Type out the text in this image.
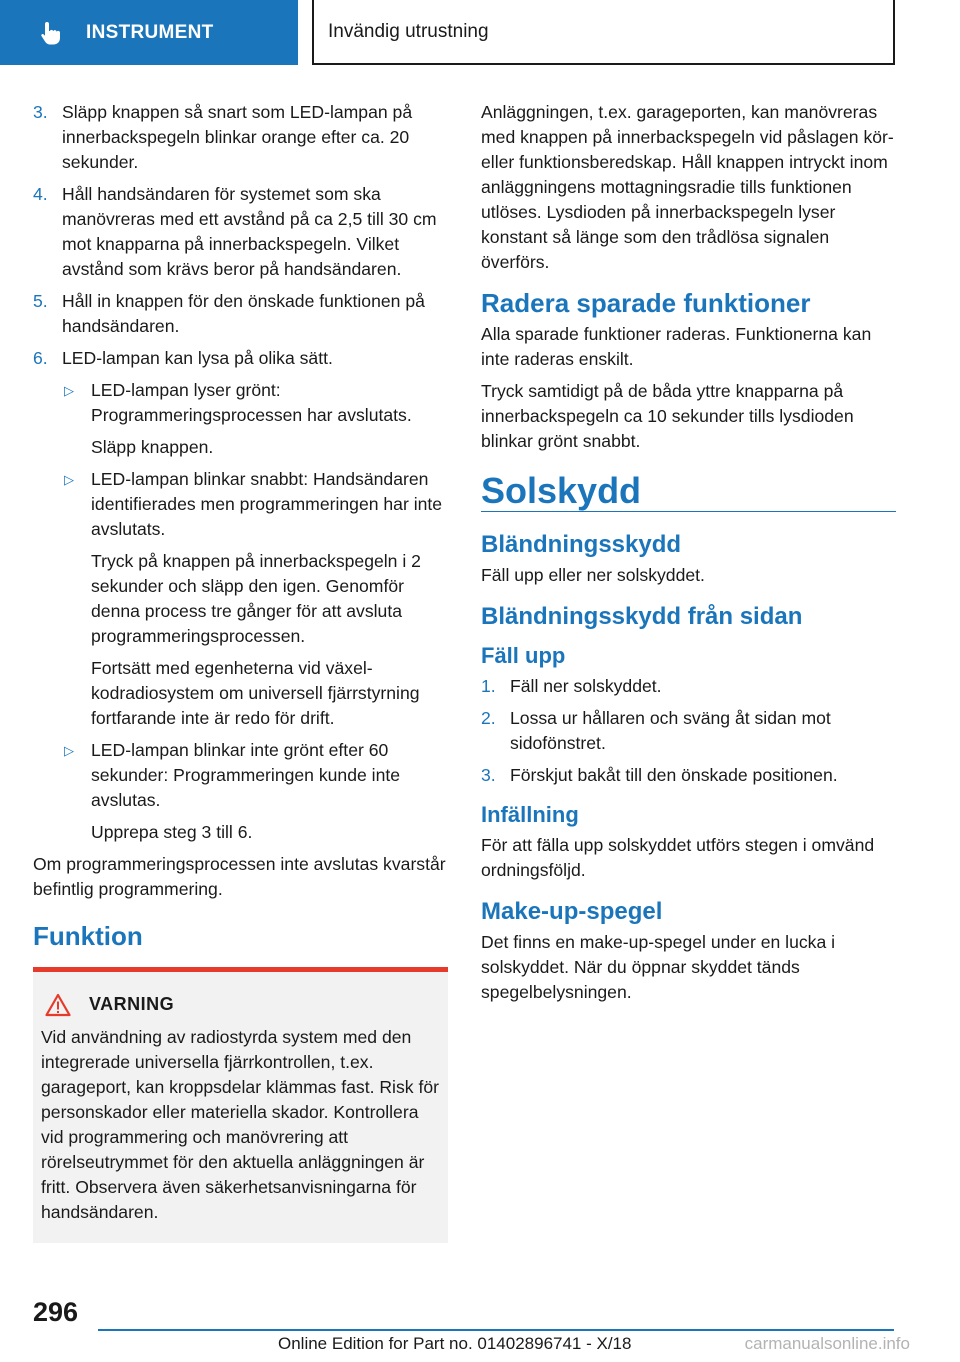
INSTRUMENT	Invändig utrustning
3. Släpp knappen så snart som LED-lampan på innerbackspegeln blinkar orange efter ca. 20 sekunder.
4. Håll handsändaren för systemet som ska manövreras med ett avstånd på ca 2,5 till 30 cm mot knapparna på innerbackspegeln. Vilket avstånd som krävs beror på handsändaren.
5. Håll in knappen för den önskade funktionen på handsändaren.
6. LED-lampan kan lysa på olika sätt.
▷ LED-lampan lyser grönt: Programmeringsprocessen har avslutats.
Släpp knappen.
▷ LED-lampan blinkar snabbt: Handsändaren identifierades men programmeringen har inte avslutats.
Tryck på knappen på innerbackspegeln i 2 sekunder och släpp den igen. Genomför denna process tre gånger för att avsluta programmeringsprocessen.
Fortsätt med egenheterna vid växel-kodradiosystem om universell fjärrstyrning fortfarande inte är redo för drift.
▷ LED-lampan blinkar inte grönt efter 60 sekunder: Programmeringen kunde inte avslutas.
Upprepa steg 3 till 6.
Om programmeringsprocessen inte avslutas kvarstår befintlig programmering.
Funktion
VARNING
Vid användning av radiostyrda system med den integrerade universella fjärrkontrollen, t.ex. garageport, kan kroppsdelar klämmas fast. Risk för personskador eller materiella skador. Kontrollera vid programmering och manövrering att rörelseutrymmet för den aktuella anläggningen är fritt. Observera även säkerhetsanvisningarna för handsändaren.
Anläggningen, t.ex. garageporten, kan manövreras med knappen på innerbackspegeln vid påslagen kör- eller funktionsberedskap. Håll knappen intryckt inom anläggningens mottagningsradie tills funktionen utlöses. Lysdioden på innerbackspegeln lyser konstant så länge som den trådlösa signalen överförs.
Radera sparade funktioner
Alla sparade funktioner raderas. Funktionerna kan inte raderas enskilt.
Tryck samtidigt på de båda yttre knapparna på innerbackspegeln ca 10 sekunder tills lysdioden blinkar grönt snabbt.
Solskydd
Bländningsskydd
Fäll upp eller ner solskyddet.
Bländningsskydd från sidan
Fäll upp
1. Fäll ner solskyddet.
2. Lossa ur hållaren och sväng åt sidan mot sidofönstret.
3. Förskjut bakåt till den önskade positionen.
Infällning
För att fälla upp solskyddet utförs stegen i omvänd ordningsföljd.
Make-up-spegel
Det finns en make-up-spegel under en lucka i solskyddet. När du öppnar skyddet tänds spegelbelysningen.
296
Online Edition for Part no. 01402896741 - X/18	carmanualsonline.info
